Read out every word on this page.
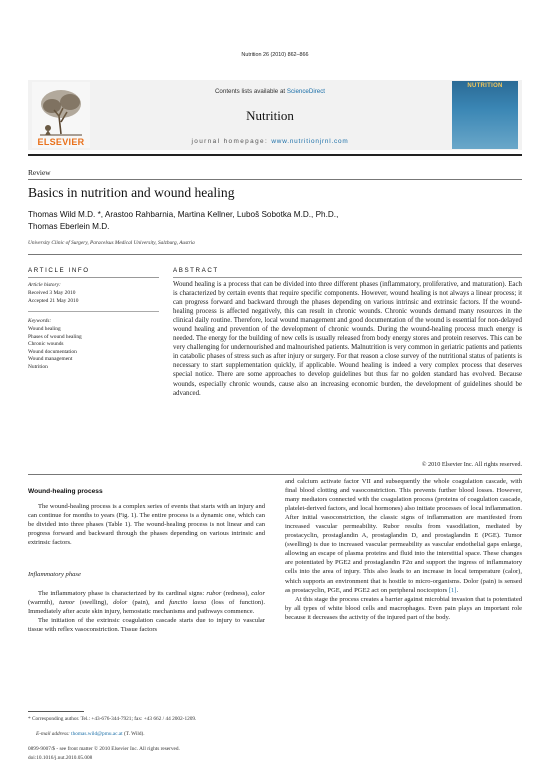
Nutrition 26 (2010) 862–866
ELSEVIER
Contents lists available at ScienceDirect
Nutrition
journal homepage: www.nutritionjrnl.com
NUTRITION
Review
Basics in nutrition and wound healing
Thomas Wild M.D. *, Arastoo Rahbarnia, Martina Kellner, Luboš Sobotka M.D., Ph.D.,
Thomas Eberlein M.D.
University Clinic of Surgery, Paracelsus Medical University, Salzburg, Austria
ARTICLE INFO	ABSTRACT
Article history:
Received 3 May 2010
Accepted 21 May 2010
Keywords:
Wound healing
Phases of wound healing
Chronic wounds
Wound documentation
Wound management
Nutrition
Wound healing is a process that can be divided into three different phases (inflammatory, proliferative, and maturation). Each is characterized by certain events that require specific components. However, wound healing is not always a linear process; it can progress forward and backward through the phases depending on various intrinsic and extrinsic factors. If the wound-healing process is affected negatively, this can result in chronic wounds. Chronic wounds demand many resources in the clinical daily routine. Therefore, local wound management and good documentation of the wound is essential for non-delayed wound healing and prevention of the development of chronic wounds. During the wound-healing process much energy is needed. The energy for the building of new cells is usually released from body energy stores and protein reserves. This can be very challenging for undernourished and malnourished patients. Malnutrition is very common in geriatric patients and patients in catabolic phases of stress such as after injury or surgery. For that reason a close survey of the nutritional status of patients is necessary to start supplementation quickly, if applicable. Wound healing is indeed a very complex process that deserves special notice. There are some approaches to develop guidelines but thus far no golden standard has evolved. Because wounds, especially chronic wounds, cause also an increasing economic burden, the development of guidelines should be advanced.
© 2010 Elsevier Inc. All rights reserved.
Wound-healing process

The wound-healing process is a complex series of events that starts with an injury and can continue for months to years (Fig. 1). The entire process is a dynamic one, which can be divided into three phases (Table 1). The wound-healing process is not linear and can progress forward and backward through the phases depending on various intrinsic and extrinsic factors.

Inflammatory phase

The inflammatory phase is characterized by its cardinal signs: rubor (redness), calor (warmth), tumor (swelling), dolor (pain), and functio laesa (loss of function). Immediately after acute skin injury, hemostatic mechanisms and pathways commence.

The initiation of the extrinsic coagulation cascade starts due to injury to vascular tissue with reflex vasoconstriction. Tissue factors

and calcium activate factor VII and subsequently the whole coagulation cascade, with final blood clotting and vasoconstriction. This prevents further blood losses. However, many mediators connected with the coagulation process (proteins of coagulation cascade, platelet-derived factors, and local hormones) also initiate processes of local inflammation. After initial vasoconstriction, the classic signs of inflammation are manifested from increased vascular permeability. Rubor results from vasodilation, mediated by prostacyclin, prostaglandin A, prostaglandin D, and prostaglandin E (PGE). Tumor (swelling) is due to increased vascular permeability as vascular endothelial gaps enlarge, allowing an escape of plasma proteins and fluid into the interstitial space. These changes are potentiated by PGE2 and prostaglandin F2α and support the ingress of inflammatory cells into the area of injury. This also leads to an increase in local temperature (calor), which supports an environment that is hostile to micro-organisms. Dolor (pain) is sensed as prostacyclin, PGE, and PGE2 act on peripheral nociceptors [1].

At this stage the process creates a barrier against microbial invasion that is potentiated by all types of white blood cells and macrophages. Even pain plays an important role because it decreases the activity of the injured part of the body.

* Corresponding author. Tel.: +43-676-344-7921; fax: +43 662 / 44 2002-1209.
E-mail address: thomas.wild@pmu.ac.at (T. Wild).
0899-9007/$ - see front matter © 2010 Elsevier Inc. All rights reserved.
doi:10.1016/j.nut.2010.05.008
